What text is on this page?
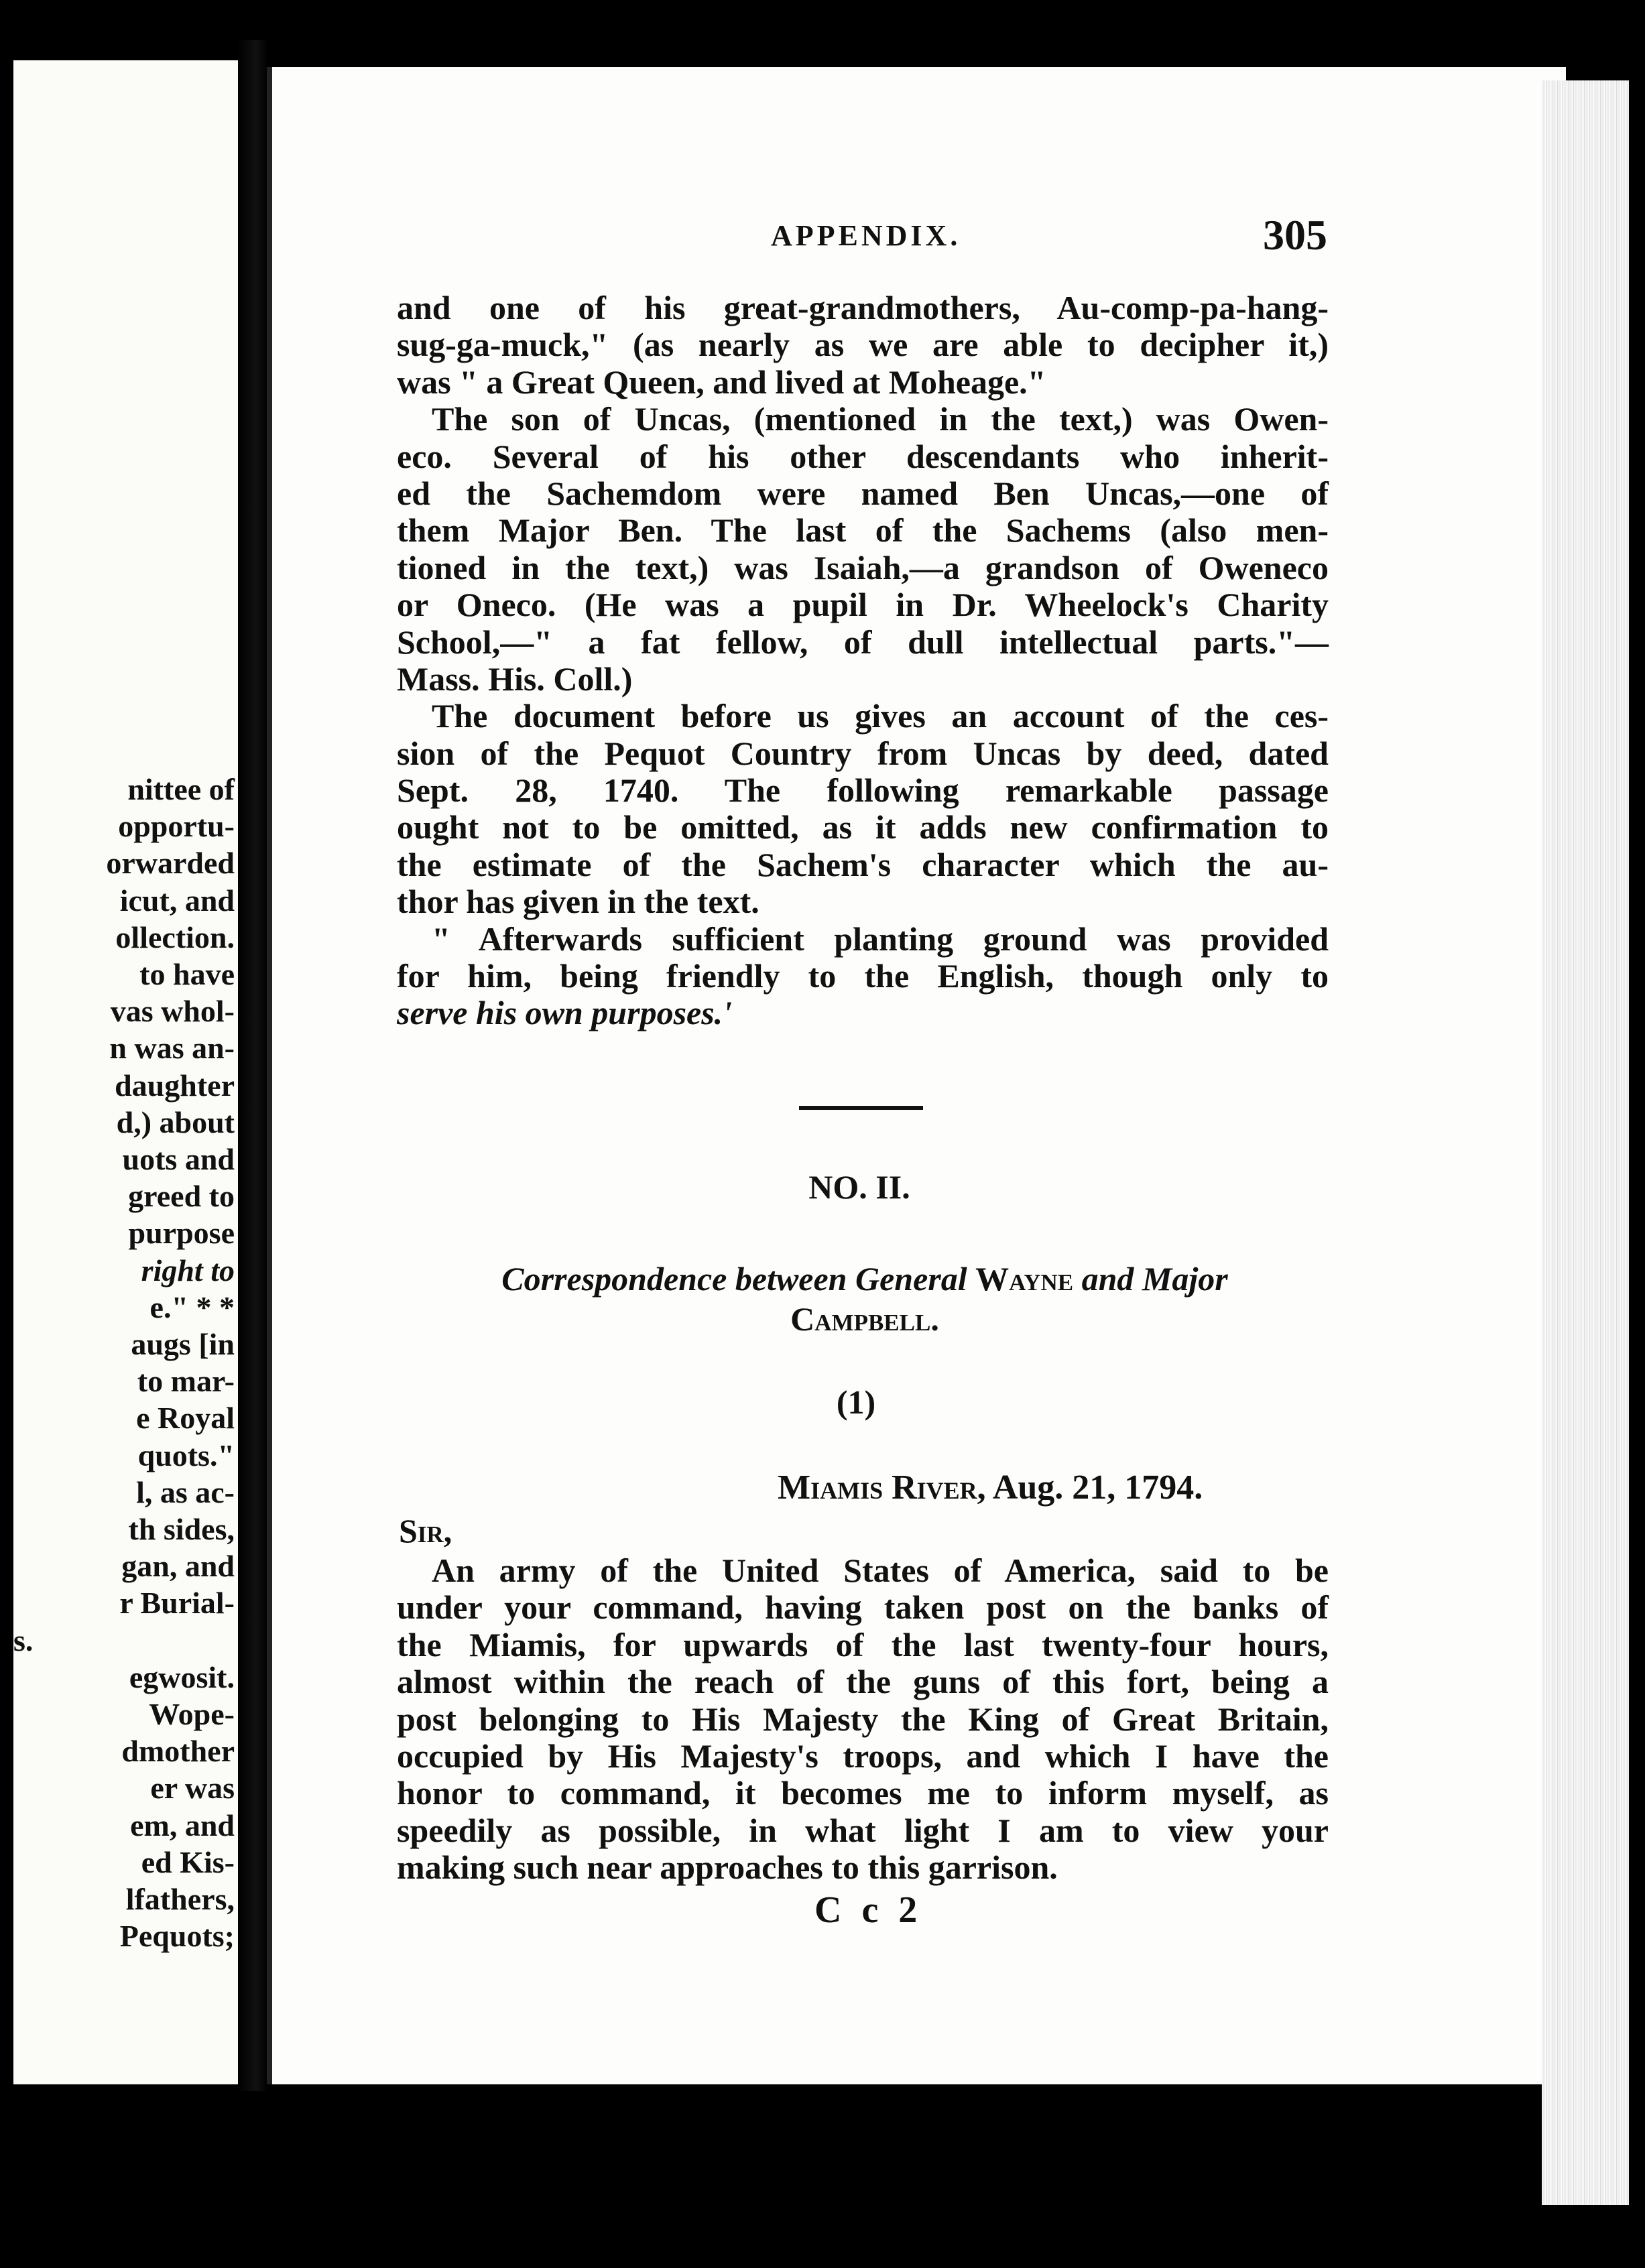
nittee of
opportu-
orwarded
icut, and
ollection.
to have
vas whol-
n was an-
daughter
d,) about
uots and
greed to
purpose
right to
e." * *
augs [in
to mar-
e Royal
quots."
l, as ac-
th sides,
gan, and
r Burial-
s.
egwosit.
Wope-
dmother
er was
em, and
ed Kis-
lfathers,
Pequots;
APPENDIX.	305
and one of his great-grandmothers, Au-comp-pa-hang-
sug-ga-muck," (as nearly as we are able to decipher it,)
was " a Great Queen, and lived at Moheage."
The son of Uncas, (mentioned in the text,) was Owen-
eco. Several of his other descendants who inherit-
ed the Sachemdom were named Ben Uncas,—one of
them Major Ben. The last of the Sachems (also men-
tioned in the text,) was Isaiah,—a grandson of Oweneco
or Oneco. (He was a pupil in Dr. Wheelock's Charity
School,—" a fat fellow, of dull intellectual parts."—
Mass. His. Coll.)
The document before us gives an account of the ces-
sion of the Pequot Country from Uncas by deed, dated
Sept. 28, 1740. The following remarkable passage
ought not to be omitted, as it adds new confirmation to
the estimate of the Sachem's character which the au-
thor has given in the text.
" Afterwards sufficient planting ground was provided
for him, being friendly to the English, though only to
serve his own purposes.'
NO. II.
Correspondence between General Wayne and Major
Campbell.
(1)
Miamis River, Aug. 21, 1794.
Sir,
An army of the United States of America, said to be
under your command, having taken post on the banks of
the Miamis, for upwards of the last twenty-four hours,
almost within the reach of the guns of this fort, being a
post belonging to His Majesty the King of Great Britain,
occupied by His Majesty's troops, and which I have the
honor to command, it becomes me to inform myself, as
speedily as possible, in what light I am to view your
making such near approaches to this garrison.
C c 2
